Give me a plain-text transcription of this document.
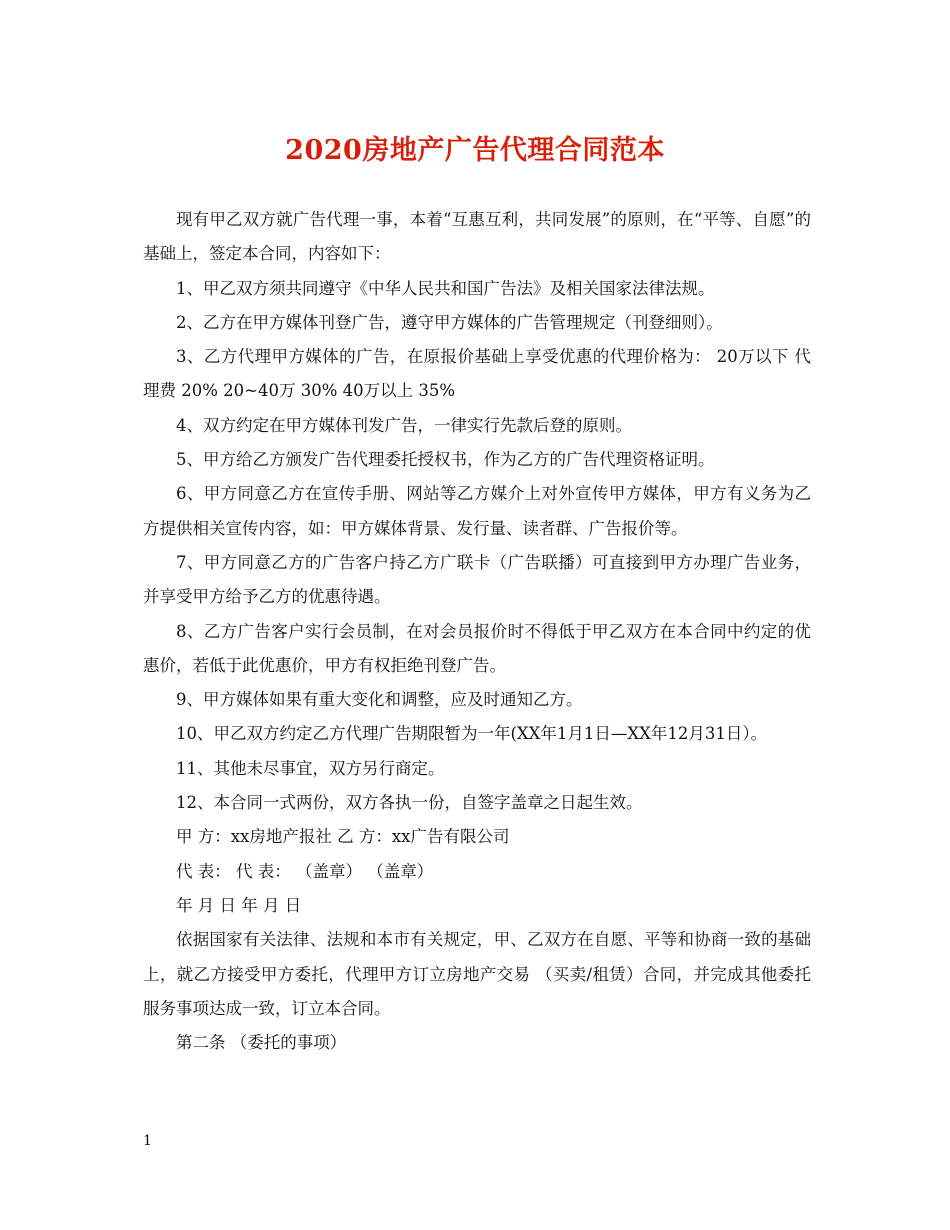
2020房地产广告代理合同范本

现有甲乙双方就广告代理一事，本着“互惠互利，共同发展”的原则，在“平等、自愿”的基础上，签定本合同，内容如下：

1、甲乙双方须共同遵守《中华人民共和国广告法》及相关国家法律法规。

2、乙方在甲方媒体刊登广告，遵守甲方媒体的广告管理规定（刊登细则）。

3、乙方代理甲方媒体的广告，在原报价基础上享受优惠的代理价格为： 20万以下 代理费 20% 20~40万 30% 40万以上 35%

4、双方约定在甲方媒体刊发广告，一律实行先款后登的原则。

5、甲方给乙方颁发广告代理委托授权书，作为乙方的广告代理资格证明。

6、甲方同意乙方在宣传手册、网站等乙方媒介上对外宣传甲方媒体，甲方有义务为乙方提供相关宣传内容，如：甲方媒体背景、发行量、读者群、广告报价等。

7、甲方同意乙方的广告客户持乙方广联卡（广告联播）可直接到甲方办理广告业务，并享受甲方给予乙方的优惠待遇。

8、乙方广告客户实行会员制，在对会员报价时不得低于甲乙双方在本合同中约定的优惠价，若低于此优惠价，甲方有权拒绝刊登广告。

9、甲方媒体如果有重大变化和调整，应及时通知乙方。

10、甲乙双方约定乙方代理广告期限暂为一年(XX年1月1日—XX年12月31日）。

11、其他未尽事宜，双方另行商定。

12、本合同一式两份，双方各执一份，自签字盖章之日起生效。

甲 方：xx房地产报社 乙 方：xx广告有限公司

代 表： 代 表： （盖章） （盖章）

年 月 日 年 月 日

依据国家有关法律、法规和本市有关规定，甲、乙双方在自愿、平等和协商一致的基础上，就乙方接受甲方委托，代理甲方订立房地产交易 （买卖/租赁）合同，并完成其他委托服务事项达成一致，订立本合同。

第二条 （委托的事项）

1
